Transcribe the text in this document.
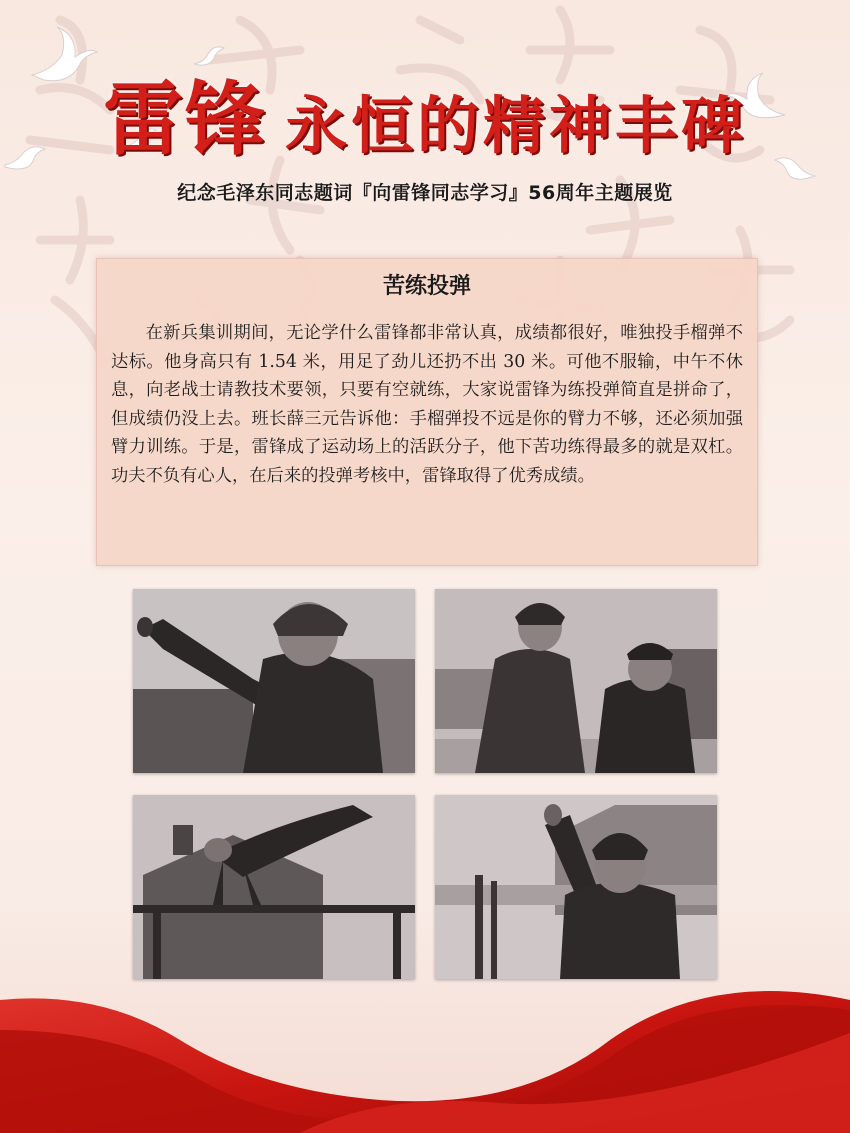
雷锋 永恒的精神丰碑
纪念毛泽东同志题词『向雷锋同志学习』56周年主题展览
苦练投弹
在新兵集训期间，无论学什么雷锋都非常认真，成绩都很好，唯独投手榴弹不达标。他身高只有 1.54 米，用足了劲儿还扔不出 30 米。可他不服输，中午不休息，向老战士请教技术要领，只要有空就练，大家说雷锋为练投弹简直是拼命了，但成绩仍没上去。班长薛三元告诉他：手榴弹投不远是你的臂力不够，还必须加强臂力训练。于是，雷锋成了运动场上的活跃分子，他下苦功练得最多的就是双杠。功夫不负有心人，在后来的投弹考核中，雷锋取得了优秀成绩。
